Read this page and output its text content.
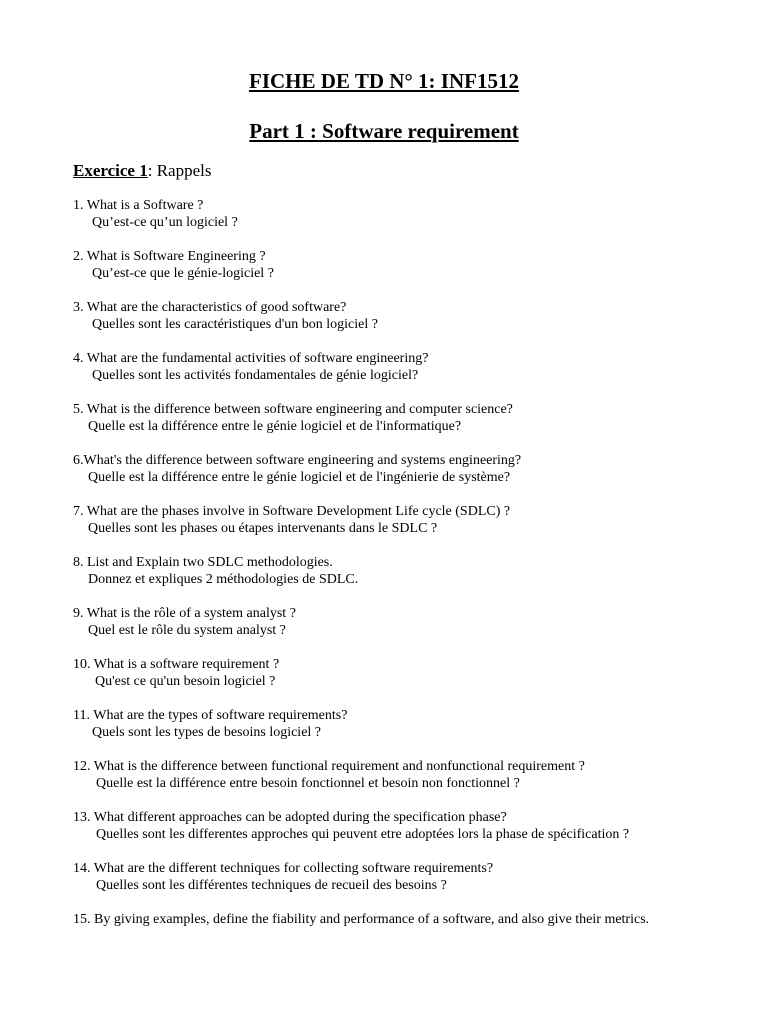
FICHE DE TD N° 1: INF1512
Part 1 : Software requirement
Exercice 1: Rappels
1. What is a Software ?
Qu’est-ce qu’un logiciel ?
2. What is Software Engineering ?
Qu’est-ce que le génie-logiciel ?
3. What are the characteristics of good software?
Quelles sont les caractéristiques d'un bon logiciel ?
4. What are the fundamental activities of software engineering?
Quelles sont les activités fondamentales de génie logiciel?
5. What is the difference between software engineering and computer science?
Quelle est la différence entre le génie logiciel et de l'informatique?
6.What's the difference between software engineering and systems engineering?
Quelle est la différence entre le génie logiciel et de l'ingénierie de système?
7. What are the phases involve in Software Development Life cycle (SDLC) ?
Quelles sont les phases ou étapes intervenants dans le SDLC ?
8. List and Explain two SDLC methodologies.
Donnez et expliques 2 méthodologies de SDLC.
9. What is the rôle of a system analyst ?
Quel est le rôle du system analyst ?
10. What is a software requirement ?
Qu'est ce qu'un besoin logiciel ?
11. What are the types of software requirements?
Quels sont les types de besoins logiciel ?
12. What is the difference between functional requirement and nonfunctional requirement ?
Quelle est la différence entre besoin fonctionnel et besoin non fonctionnel ?
13. What different approaches can be adopted during the specification phase?
Quelles sont les differentes approches qui peuvent etre adoptées lors la phase de spécification ?
14. What are the different techniques for collecting software requirements?
Quelles sont les différentes techniques de recueil des besoins ?
15. By giving examples, define the fiability and performance of a software, and also give their metrics.
